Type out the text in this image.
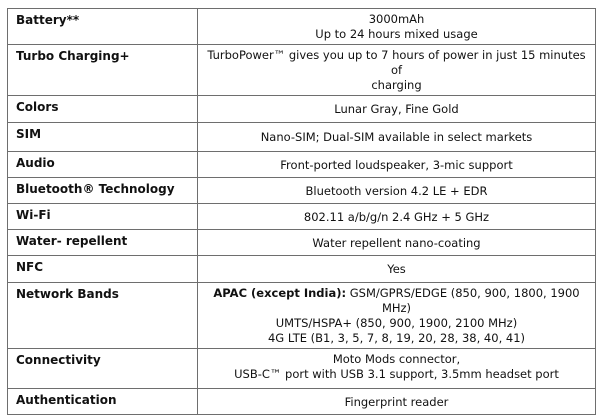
Battery**	3000mAh
Up to 24 hours mixed usage

Turbo Charging+	TurboPower™ gives you up to 7 hours of power in just 15 minutes of
charging

Colors	Lunar Gray, Fine Gold

SIM	Nano-SIM; Dual-SIM available in select markets

Audio	Front-ported loudspeaker, 3-mic support

Bluetooth® Technology	Bluetooth version 4.2 LE + EDR

Wi-Fi	802.11 a/b/g/n 2.4 GHz + 5 GHz

Water- repellent	Water repellent nano-coating

NFC	Yes

Network Bands	APAC (except India): GSM/GPRS/EDGE (850, 900, 1800, 1900
MHz)
UMTS/HSPA+ (850, 900, 1900, 2100 MHz)
4G LTE (B1, 3, 5, 7, 8, 19, 20, 28, 38, 40, 41)

Connectivity	Moto Mods connector,
USB-C™ port with USB 3.1 support, 3.5mm headset port

Authentication	Fingerprint reader
